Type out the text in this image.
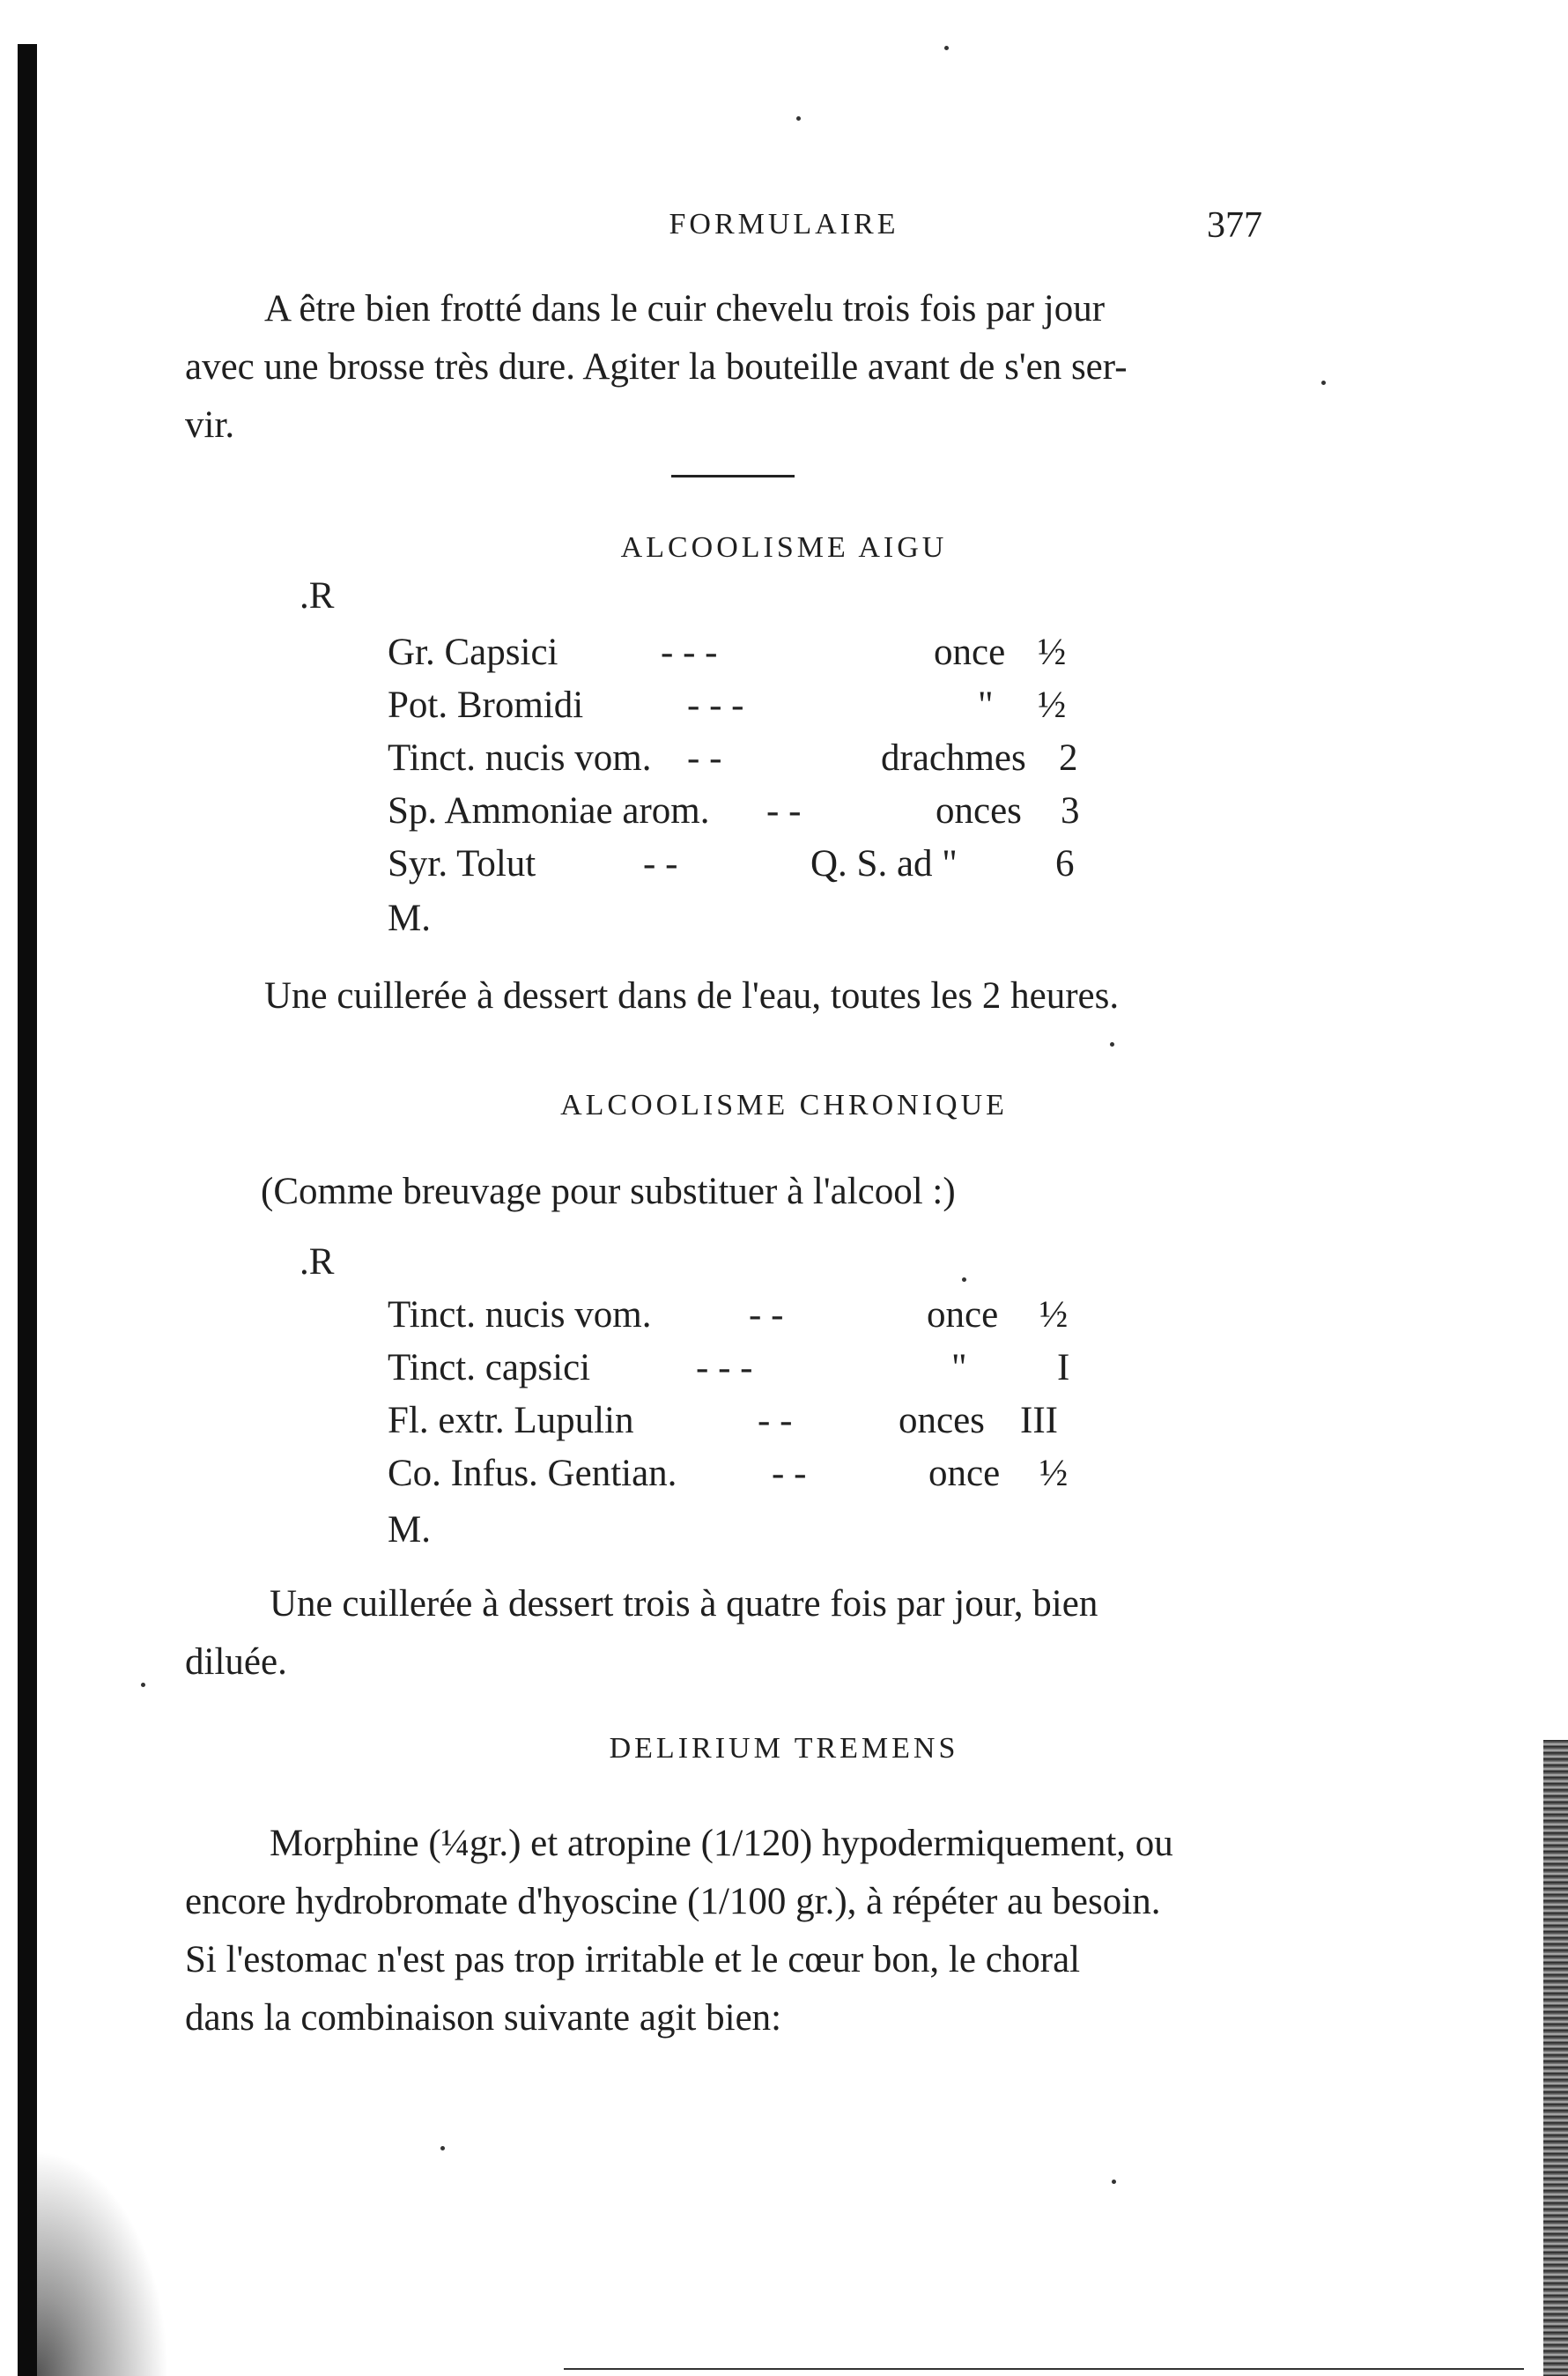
FORMULAIRE	377
A être bien frotté dans le cuir chevelu trois fois par jour
avec une brosse très dure. Agiter la bouteille avant de s'en ser-
vir.
ALCOOLISME AIGU
.R
Gr. Capsici	- - -	once ½
Pot. Bromidi	- - -	" ½
Tinct. nucis vom. - -	drachmes 2
Sp. Ammoniae arom. - -	onces 3
Syr. Tolut	- -	Q. S. ad "	6
M.
Une cuillerée à dessert dans de l'eau, toutes les 2 heures.
ALCOOLISME CHRONIQUE
(Comme breuvage pour substituer à l'alcool :)
.R
Tinct. nucis vom.	- -	once ½
Tinct. capsici	- - -	" I
Fl. extr. Lupulin	- -	onces III
Co. Infus. Gentian.	- -	once ½
M.
Une cuillerée à dessert trois à quatre fois par jour, bien
diluée.
DELIRIUM TREMENS
Morphine (¼gr.) et atropine (1/120) hypodermiquement, ou
encore hydrobromate d'hyoscine (1/100 gr.), à répéter au besoin.
Si l'estomac n'est pas trop irritable et le cœur bon, le choral
dans la combinaison suivante agit bien:
